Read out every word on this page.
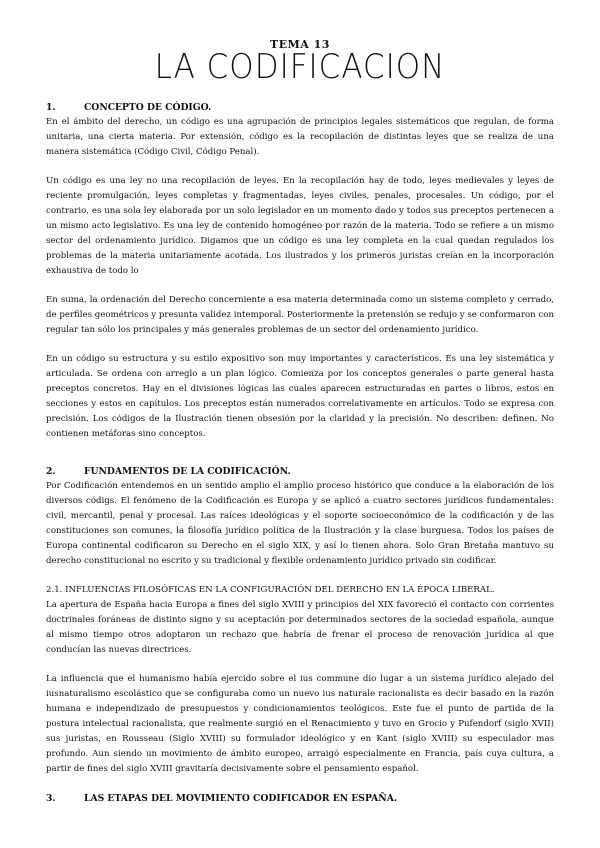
TEMA 13
LA CODIFICACION
1.	CONCEPTO DE CÓDIGO.

En el ámbito del derecho, un código es una agrupación de principios legales sistemáticos que regulan, de forma unitaria, una cierta materia. Por extensión, código es la recopilación de distintas leyes que se realiza de una manera sistemática (Código Civil, Código Penal).

Un código es una ley no una recopilación de leyes. En la recopilación hay de todo, leyes medievales y leyes de reciente promulgación, leyes completas y fragmentadas, leyes civiles, penales, procesales. Un código, por el contrario, es una sola ley elaborada por un solo legislador en un momento dado y todos sus preceptos pertenecen a un mismo acto legislativo. Es una ley de contenido homogéneo por razón de la materia. Todo se refiere a un mismo sector del ordenamiento jurídico. Digamos que un código es una ley completa en la cual quedan regulados los problemas de la materia unitariamente acotada. Los ilustrados y los primeros juristas creían en la incorporación exhaustiva de todo lo

En suma, la ordenación del Derecho concerniente a esa materia determinada como un sistema completo y cerrado, de perfiles geométricos y presunta validez intemporal. Posteriormente la pretensión se redujo y se conformaron con regular tan sólo los principales y más generales problemas de un sector del ordenamiento jurídico.

En un código su estructura y su estilo expositivo son muy importantes y característicos. Es una ley sistemática y articulada. Se ordena con arreglo a un plan lógico. Comienza por los conceptos generales o parte general hasta preceptos concretos. Hay en el divisiones lógicas las cuales aparecen estructuradas en partes o libros, estos en secciones y estos en capítulos. Los preceptos están numerados correlativamente en artículos. Todo se expresa con precisión. Los códigos de la Ilustración tienen obsesión por la claridad y la precisión. No describen: definen. No contienen metáforas sino conceptos.

2.	FUNDAMENTOS DE LA CODIFICACIÓN.

Por Codificación entendemos en un sentido amplio el amplio proceso histórico que conduce a la elaboración de los diversos códigs. El fenómeno de la Codificación es Europa y se aplicó a cuatro sectores jurídicos fundamentales: civil, mercantil, penal y procesal. Las raíces ideológicas y el soporte socioeconómico de la codificación y de las constituciones son comunes, la filosofía jurídico política de la Ilustración y la clase burguesa. Todos los países de Europa continental codificaron su Derecho en el siglo XIX, y así lo tienen ahora. Solo Gran Bretaña mantuvo su derecho constitucional no escrito y su tradicional y flexible ordenamiento jurídico privado sin codificar.

2.1. INFLUENCIAS FILOSÓFICAS EN LA CONFIGURACIÓN DEL DERECHO EN LA ÉPOCA LIBERAL.

La apertura de España hacia Europa a fines del siglo XVIII y principios del XIX favoreció el contacto con corrientes doctrinales foráneas de distinto signo y su aceptación por determinados sectores de la sociedad española, aunque al mismo tiempo otros adoptaron un rechazo que habría de frenar el proceso de renovación jurídica al que conducían las nuevas directrices.

La influencia que el humanismo había ejercido sobre el ius commune dio lugar a un sistema jurídico alejado del iusnaturalismo escolástico que se configuraba como un nuevo ius naturale racionalista es decir basado en la razón humana e independizado de presupuestos y condicionamientos teológicos. Este fue el punto de partida de la postura intelectual racionalista, que realmente surgió en el Renacimiento y tuvo en Grocio y Pufendorf (siglo XVII) sus juristas, en Rousseau (Siglo XVIII) su formulador ideológico y en Kant (siglo XVIII) su especulador mas profundo. Aun siendo un movimiento de ámbito europeo, arraigó especialmente en Francia, país cuya cultura, a partir de fines del siglo XVIII gravitaría decisivamente sobre el pensamiento español.

3.	LAS ETAPAS DEL MOVIMIENTO CODIFICADOR EN ESPAÑA.
